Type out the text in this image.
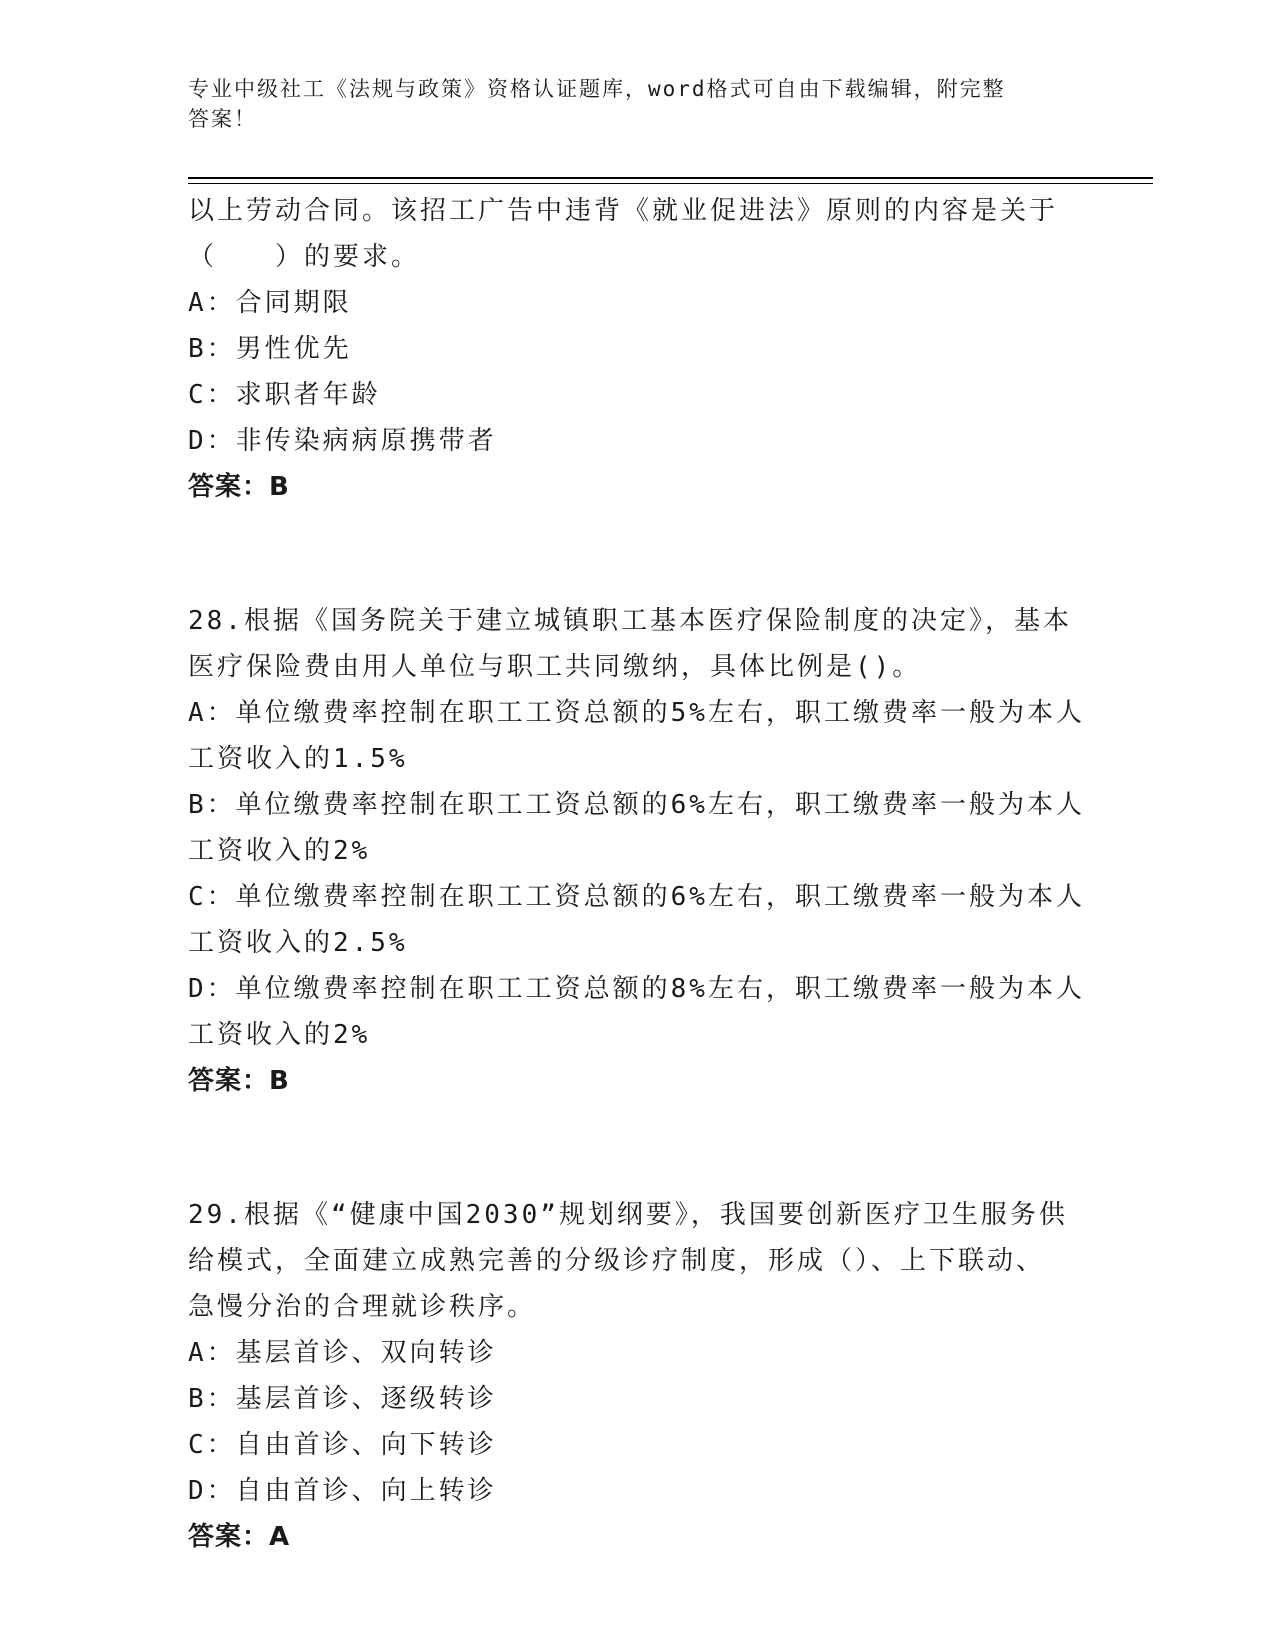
专业中级社工《法规与政策》资格认证题库，word格式可自由下载编辑，附完整
答案！
以上劳动合同。该招工广告中违背《就业促进法》原则的内容是关于
（　　）的要求。
A：合同期限
B：男性优先
C：求职者年龄
D：非传染病病原携带者
答案：B
28.根据《国务院关于建立城镇职工基本医疗保险制度的决定》，基本
医疗保险费由用人单位与职工共同缴纳，具体比例是()。
A：单位缴费率控制在职工工资总额的5%左右，职工缴费率一般为本人
工资收入的1.5%
B：单位缴费率控制在职工工资总额的6%左右，职工缴费率一般为本人
工资收入的2%
C：单位缴费率控制在职工工资总额的6%左右，职工缴费率一般为本人
工资收入的2.5%
D：单位缴费率控制在职工工资总额的8%左右，职工缴费率一般为本人
工资收入的2%
答案：B
29.根据《“健康中国2030”规划纲要》，我国要创新医疗卫生服务供
给模式，全面建立成熟完善的分级诊疗制度，形成（）、上下联动、
急慢分治的合理就诊秩序。
A：基层首诊、双向转诊
B：基层首诊、逐级转诊
C：自由首诊、向下转诊
D：自由首诊、向上转诊
答案：A
